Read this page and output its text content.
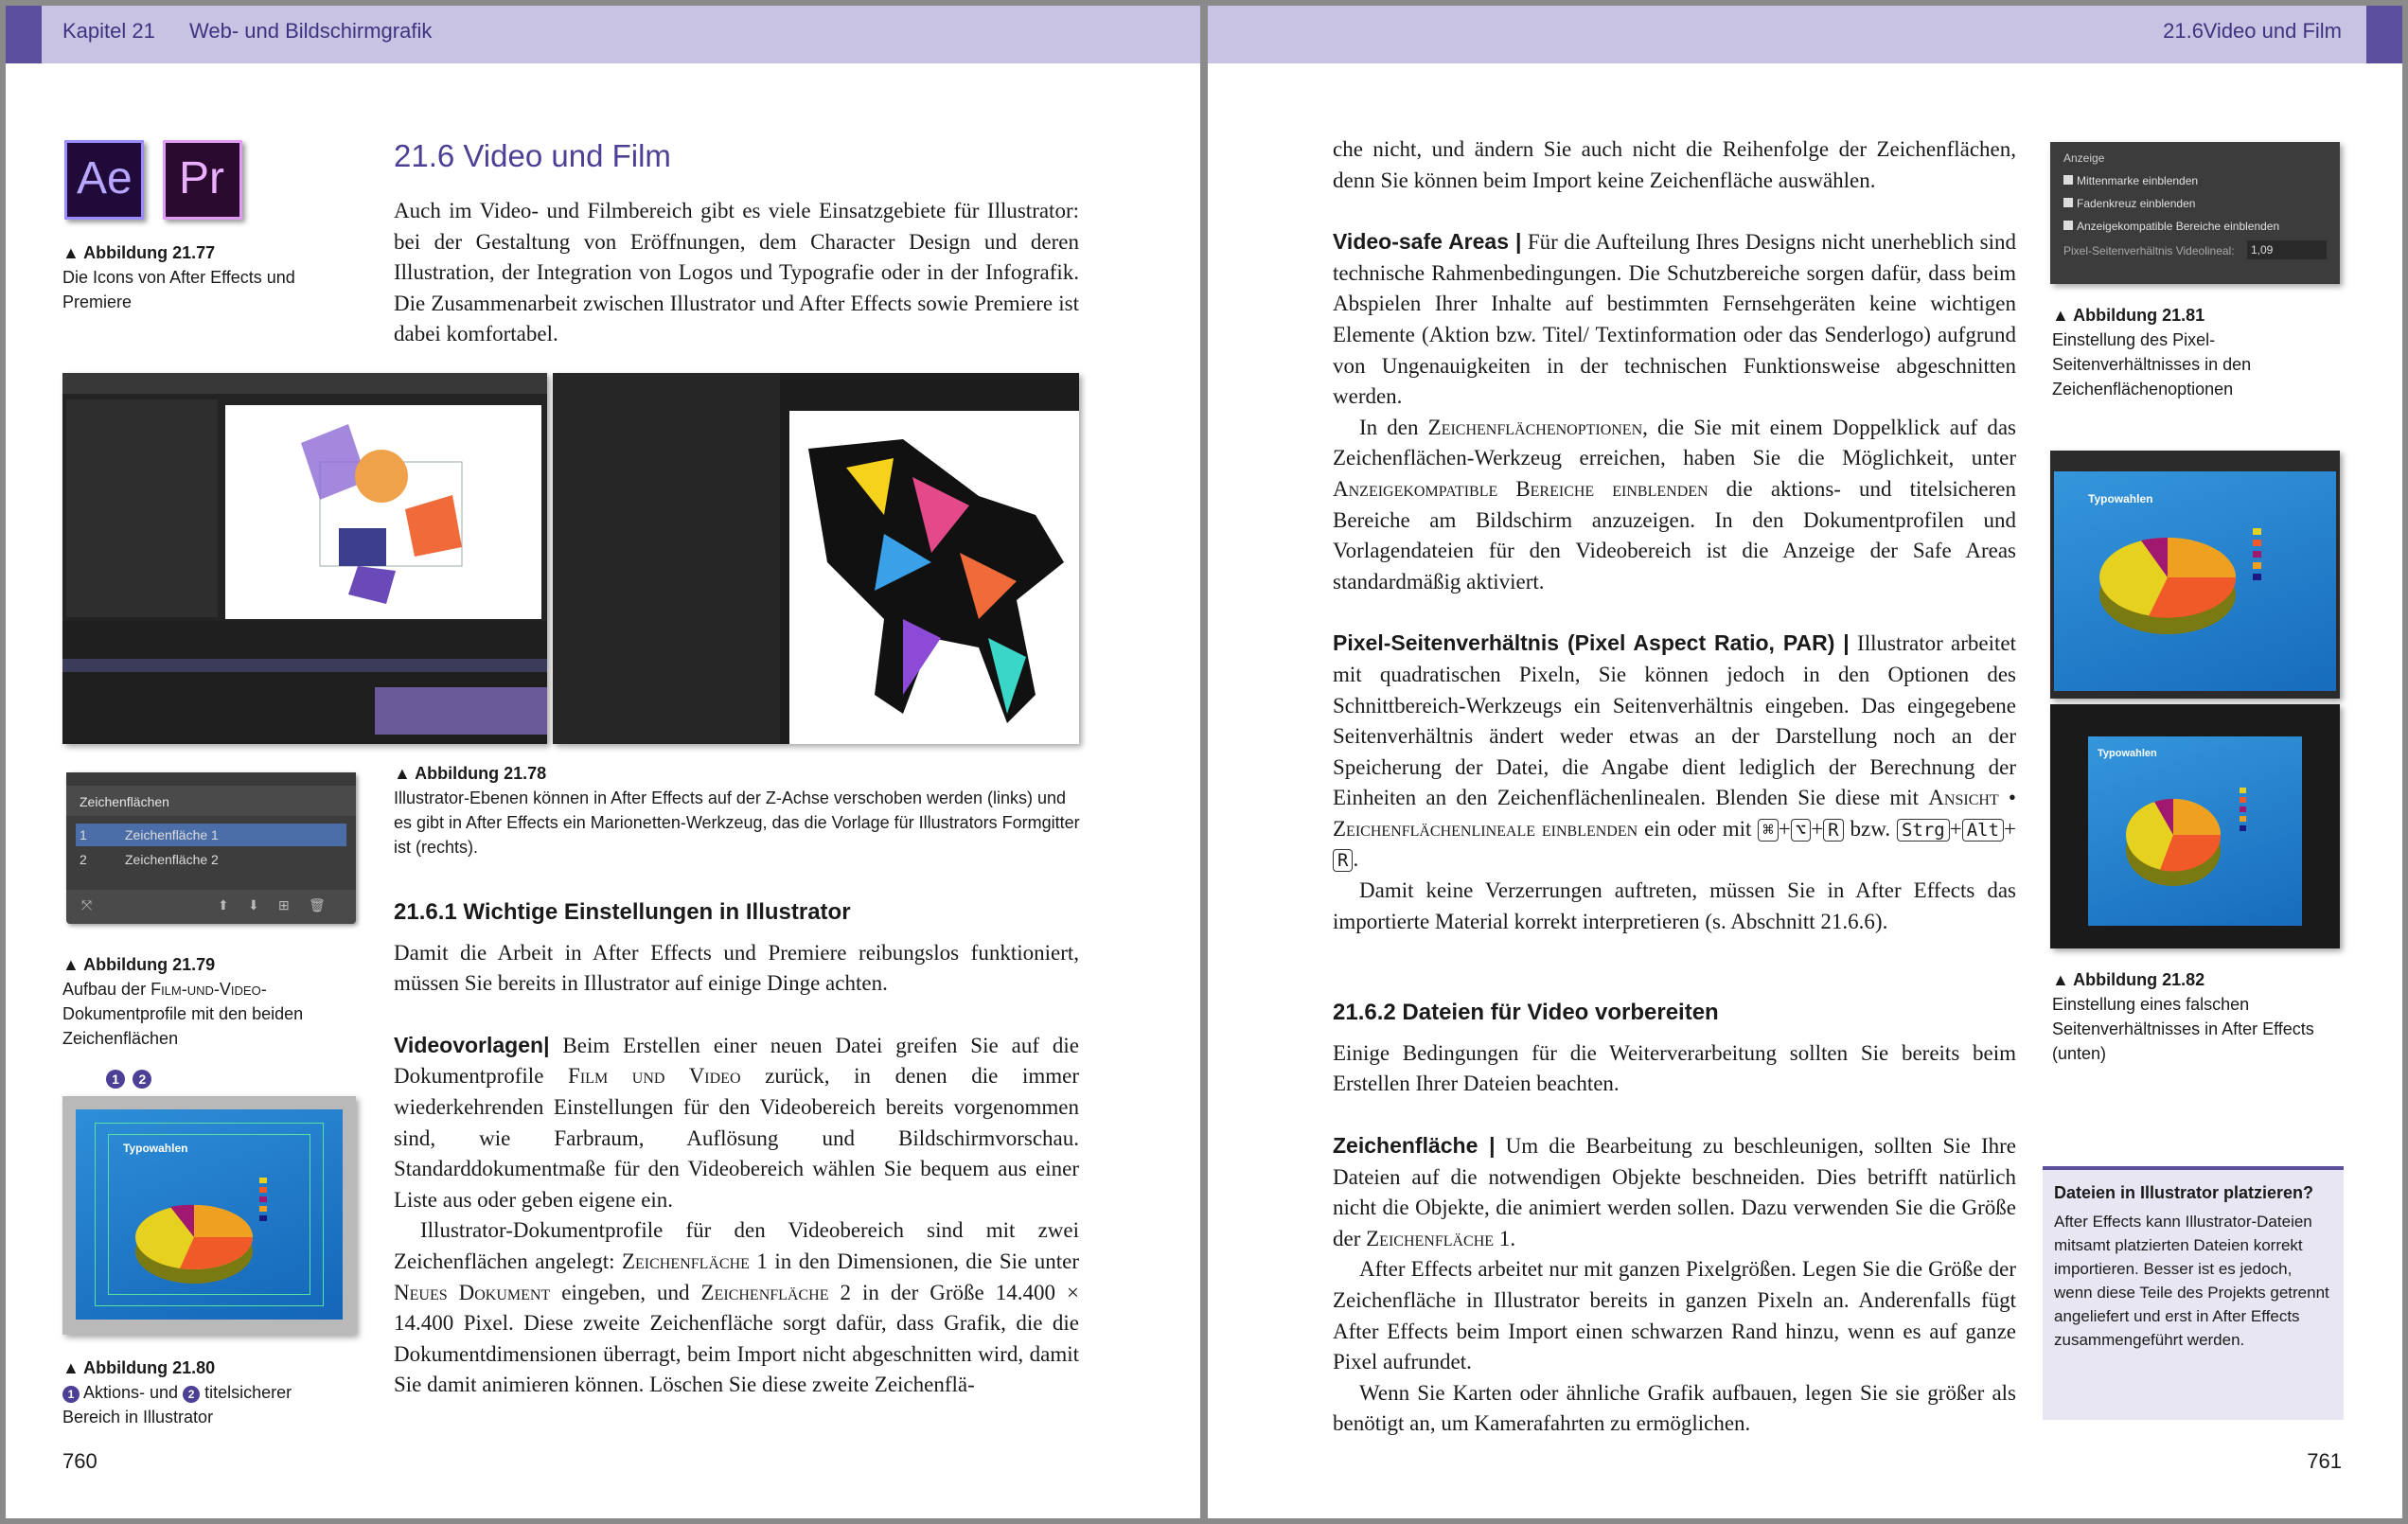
Kapitel 21 Web- und Bildschirmgrafik
Ae Pr
▲ Abbildung 21.77
Die Icons von After Effects und Premiere
21.6 Video und Film

Auch im Video- und Filmbereich gibt es viele Einsatzgebiete für Illustrator: bei der Gestaltung von Eröffnungen, dem Character Design und deren Illustration, der Integration von Logos und Typografie oder in der Infografik. Die Zusammenarbeit zwischen Illustrator und After Effects sowie Premiere ist dabei komfortabel.

▲ Abbildung 21.78
Illustrator-Ebenen können in After Effects auf der Z-Achse verschoben werden (links) und es gibt in After Effects ein Marionetten-Werkzeug, das die Vorlage für Illustrators Formgitter ist (rechts).
Zeichenflächen
1	Zeichenfläche 1
2	Zeichenfläche 2
⤧	⬆ ⬇ ⊞ 🗑
▲ Abbildung 21.79
Aufbau der Film-und-Video-Dokumentprofile mit den beiden Zeichenflächen
1 2
Typowahlen
▲ Abbildung 21.80
1 Aktions- und 2 titelsicherer Bereich in Illustrator

21.6.1 Wichtige Einstellungen in Illustrator

Damit die Arbeit in After Effects und Premiere reibungslos funktioniert, müssen Sie bereits in Illustrator auf einige Dinge achten.

Videovorlagen| Beim Erstellen einer neuen Datei greifen Sie auf die Dokumentprofile Film und Video zurück, in denen die immer wiederkehrenden Einstellungen für den Videobereich bereits vorgenommen sind, wie Farbraum, Auflösung und Bildschirmvorschau. Standarddokumentmaße für den Videobereich wählen Sie bequem aus einer Liste aus oder geben eigene ein.

Illustrator-Dokumentprofile für den Videobereich sind mit zwei Zeichenflächen angelegt: Zeichenfläche 1 in den Dimensionen, die Sie unter Neues Dokument eingeben, und Zeichenfläche 2 in der Größe 14.400 × 14.400 Pixel. Diese zweite Zeichenfläche sorgt dafür, dass Grafik, die die Dokumentdimensionen überragt, beim Import nicht abgeschnitten wird, damit Sie damit animieren können. Löschen Sie diese zweite Zeichenflä-

760
21.6 Video und Film

che nicht, und ändern Sie auch nicht die Reihenfolge der Zeichenflächen, denn Sie können beim Import keine Zeichenfläche auswählen.

Video-safe Areas | Für die Aufteilung Ihres Designs nicht unerheblich sind technische Rahmenbedingungen. Die Schutzbereiche sorgen dafür, dass beim Abspielen Ihrer Inhalte auf bestimmten Fernsehgeräten keine wichtigen Elemente (Aktion bzw. Titel/ Textinformation oder das Senderlogo) aufgrund von Ungenauigkeiten in der technischen Funktionsweise abgeschnitten werden.

In den Zeichenflächenoptionen, die Sie mit einem Doppelklick auf das Zeichenflächen-Werkzeug erreichen, haben Sie die Möglichkeit, unter Anzeigekompatible Bereiche einblenden die aktions- und titelsicheren Bereiche am Bildschirm anzuzeigen. In den Dokumentprofilen und Vorlagendateien für den Videobereich ist die Anzeige der Safe Areas standardmäßig aktiviert.

Pixel-Seitenverhältnis (Pixel Aspect Ratio, PAR) | Illustrator arbeitet mit quadratischen Pixeln, Sie können jedoch in den Optionen des Schnittbereich-Werkzeugs ein Seitenverhältnis eingeben. Das eingegebene Seitenverhältnis ändert weder etwas an der Darstellung noch an der Speicherung der Datei, die Angabe dient lediglich der Berechnung der Einheiten an den Zeichenflächenlinealen. Blenden Sie diese mit Ansicht • Zeichenflächenlineale einblenden ein oder mit ⌘ + ⌥ + R bzw. Strg + Alt +R .

Damit keine Verzerrungen auftreten, müssen Sie in After Effects das importierte Material korrekt interpretieren (s. Abschnitt 21.6.6).

21.6.2 Dateien für Video vorbereiten

Einige Bedingungen für die Weiterverarbeitung sollten Sie bereits beim Erstellen Ihrer Dateien beachten.

Zeichenfläche | Um die Bearbeitung zu beschleunigen, sollten Sie Ihre Dateien auf die notwendigen Objekte beschneiden. Dies betrifft natürlich nicht die Objekte, die animiert werden sollen. Dazu verwenden Sie die Größe der Zeichenfläche 1.

After Effects arbeitet nur mit ganzen Pixelgrößen. Legen Sie die Größe der Zeichenfläche in Illustrator bereits in ganzen Pixeln an. Anderenfalls fügt After Effects beim Import einen schwarzen Rand hinzu, wenn es auf ganze Pixel aufrundet.

Wenn Sie Karten oder ähnliche Grafik aufbauen, legen Sie sie größer als benötigt an, um Kamerafahrten zu ermöglichen.

Anzeige
Mittenmarke einblenden
Fadenkreuz einblenden
Anzeigekompatible Bereiche einblenden
Pixel-Seitenverhältnis Videolineal:	1,09
▲ Abbildung 21.81
Einstellung des Pixel-Seitenverhältnisses in den Zeichenflächenoptionen
Typowahlen
Typowahlen
▲ Abbildung 21.82
Einstellung eines falschen Seitenverhältnisses in After Effects (unten)
761
Dateien in Illustrator platzieren?
After Effects kann Illustrator-Dateien mitsamt platzierten Dateien korrekt importieren. Besser ist es jedoch, wenn diese Teile des Projekts getrennt angeliefert und erst in After Effects zusammengeführt werden.
